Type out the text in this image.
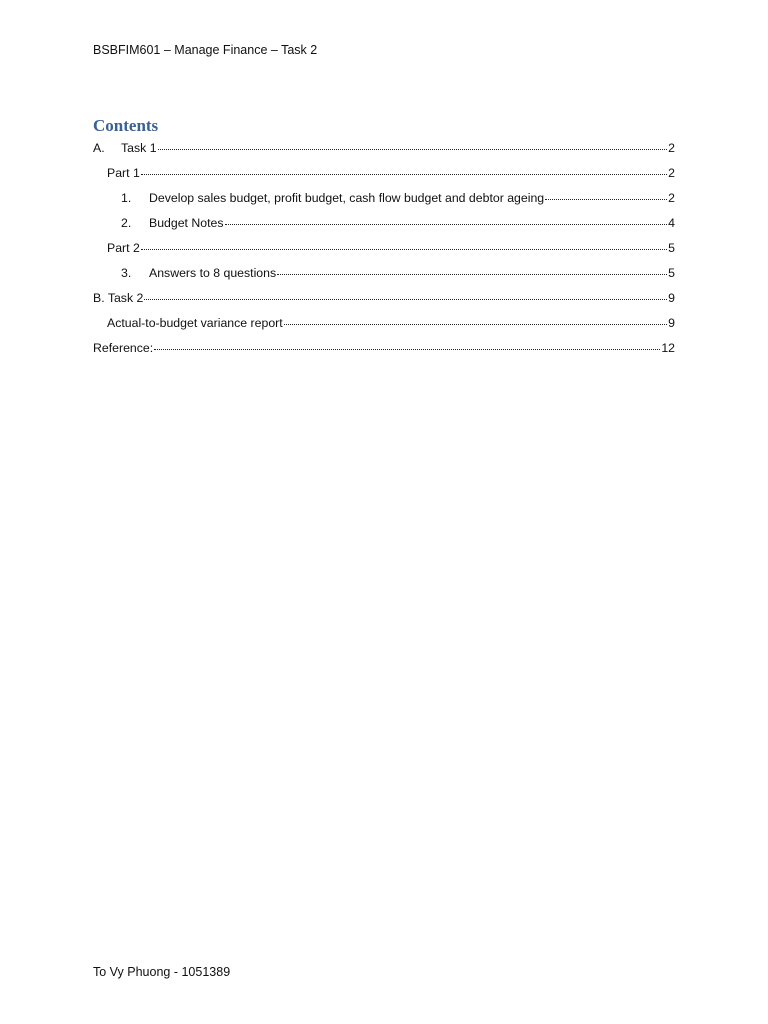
BSBFIM601 – Manage Finance – Task 2
Contents
A.	Task 1	2
Part 1	2
1.	Develop sales budget, profit budget, cash flow budget and debtor ageing	2
2.	Budget Notes	4
Part 2	5
3.	Answers to 8 questions	5
B. Task 2	9
Actual-to-budget variance report	9
Reference:	12
To Vy Phuong - 1051389
